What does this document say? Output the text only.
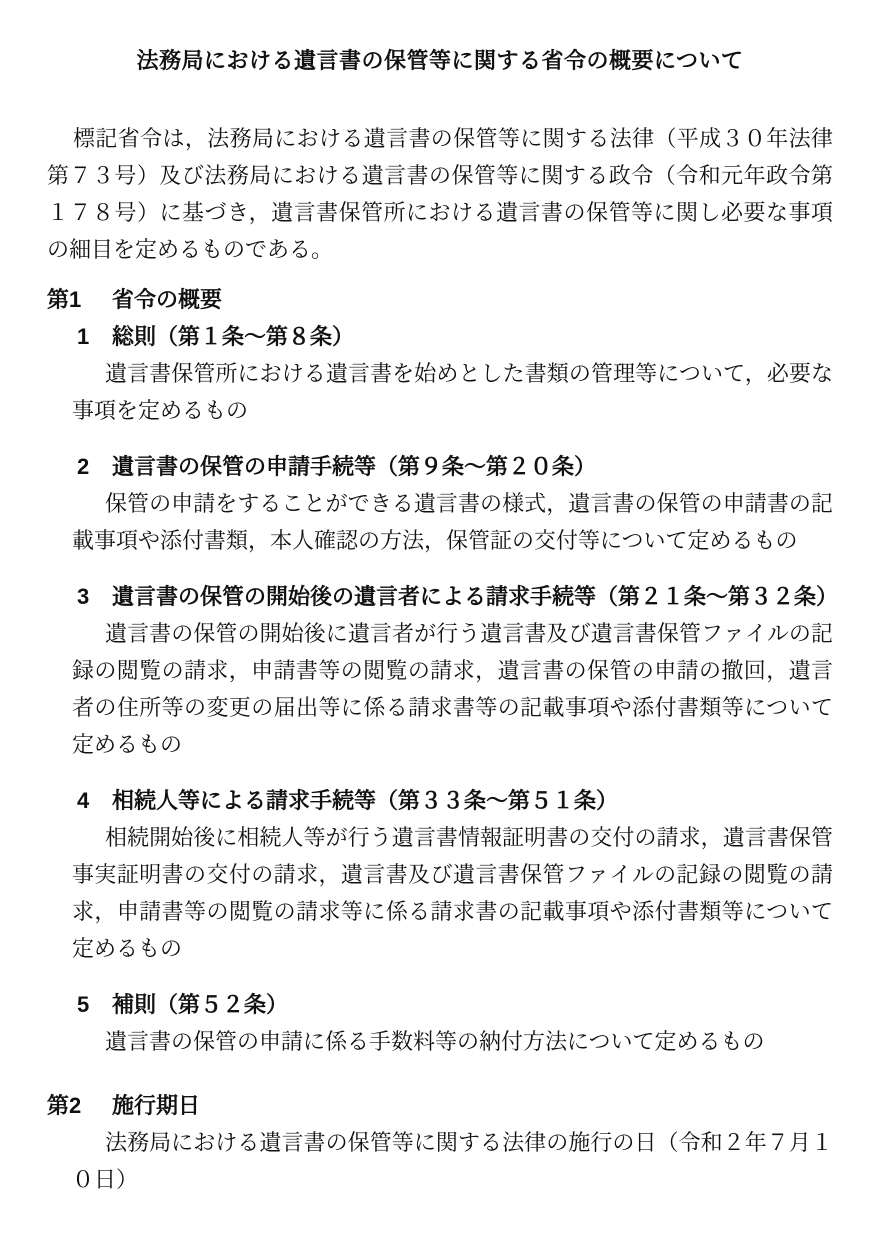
法務局における遺言書の保管等に関する省令の概要について

標記省令は，法務局における遺言書の保管等に関する法律（平成３０年法律第７３号）及び法務局における遺言書の保管等に関する政令（令和元年政令第１７８号）に基づき，遺言書保管所における遺言書の保管等に関し必要な事項の細目を定めるものである。

第1 省令の概要
1 総則（第１条～第８条）

遺言書保管所における遺言書を始めとした書類の管理等について，必要な事項を定めるもの

2 遺言書の保管の申請手続等（第９条～第２０条）

保管の申請をすることができる遺言書の様式，遺言書の保管の申請書の記載事項や添付書類，本人確認の方法，保管証の交付等について定めるもの

3 遺言書の保管の開始後の遺言者による請求手続等（第２１条～第３２条）

遺言書の保管の開始後に遺言者が行う遺言書及び遺言書保管ファイルの記録の閲覧の請求，申請書等の閲覧の請求，遺言書の保管の申請の撤回，遺言者の住所等の変更の届出等に係る請求書等の記載事項や添付書類等について定めるもの

4 相続人等による請求手続等（第３３条～第５１条）

相続開始後に相続人等が行う遺言書情報証明書の交付の請求，遺言書保管事実証明書の交付の請求，遺言書及び遺言書保管ファイルの記録の閲覧の請求，申請書等の閲覧の請求等に係る請求書の記載事項や添付書類等について定めるもの

5 補則（第５２条）

遺言書の保管の申請に係る手数料等の納付方法について定めるもの

第2 施行期日

法務局における遺言書の保管等に関する法律の施行の日（令和２年７月１０日）
